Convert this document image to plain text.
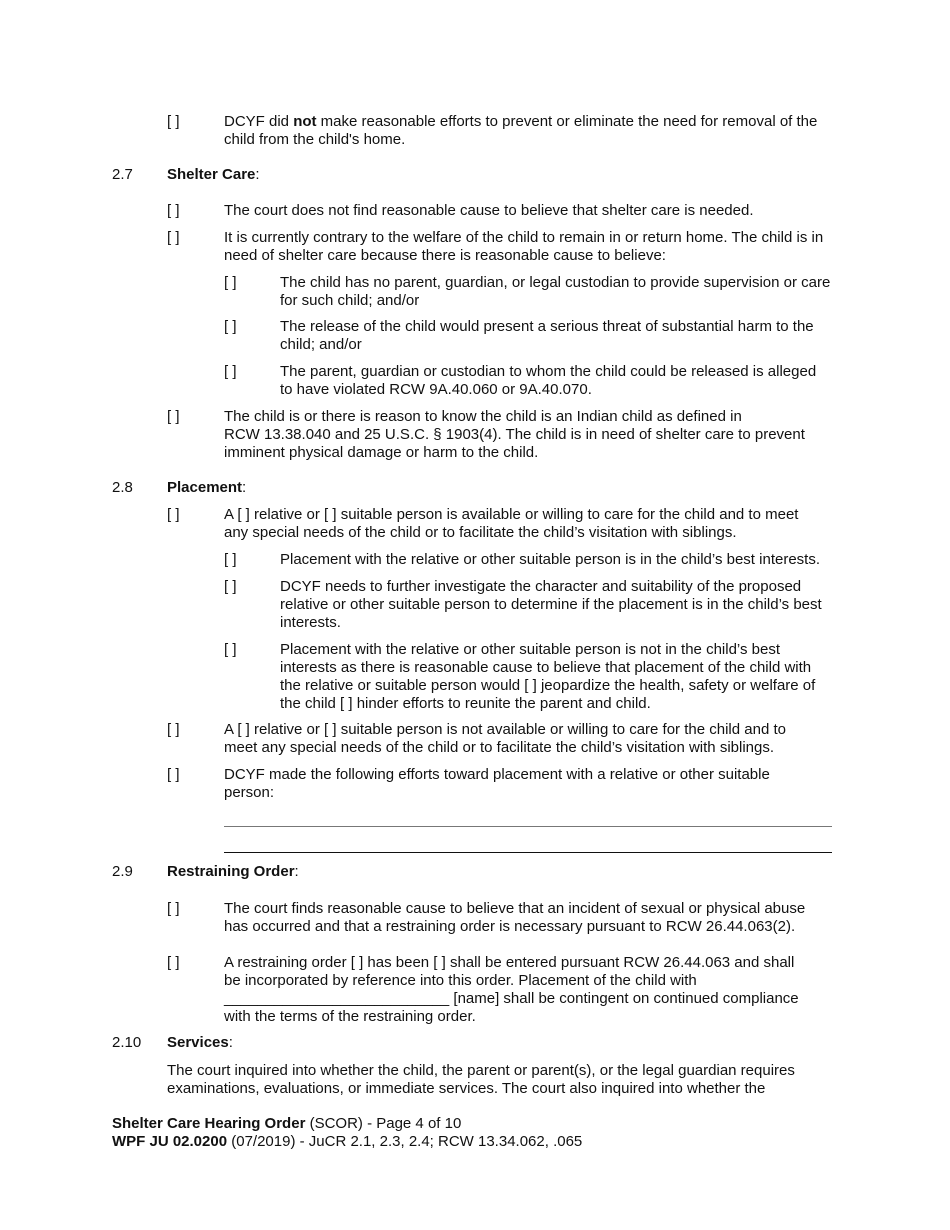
[ ]	DCYF did not make reasonable efforts to prevent or eliminate the need for removal of the
child from the child's home.
2.7 Shelter Care:
[ ]	The court does not find reasonable cause to believe that shelter care is needed.
[ ]	It is currently contrary to the welfare of the child to remain in or return home. The child is in
need of shelter care because there is reasonable cause to believe:
[ ]	The child has no parent, guardian, or legal custodian to provide supervision or care
for such child; and/or
[ ]	The release of the child would present a serious threat of substantial harm to the
child; and/or
[ ]	The parent, guardian or custodian to whom the child could be released is alleged
to have violated RCW 9A.40.060 or 9A.40.070.
[ ]	The child is or there is reason to know the child is an Indian child as defined in
RCW 13.38.040 and 25 U.S.C. § 1903(4). The child is in need of shelter care to prevent
imminent physical damage or harm to the child.
2.8 Placement:
[ ]	A [ ] relative or [ ] suitable person is available or willing to care for the child and to meet
any special needs of the child or to facilitate the child’s visitation with siblings.
[ ]	Placement with the relative or other suitable person is in the child’s best interests.
[ ]	DCYF needs to further investigate the character and suitability of the proposed
relative or other suitable person to determine if the placement is in the child’s best
interests.
[ ]	Placement with the relative or other suitable person is not in the child’s best
interests as there is reasonable cause to believe that placement of the child with
the relative or suitable person would [ ] jeopardize the health, safety or welfare of
the child [ ] hinder efforts to reunite the parent and child.
[ ]	A [ ] relative or [ ] suitable person is not available or willing to care for the child and to
meet any special needs of the child or to facilitate the child’s visitation with siblings.
[ ]	DCYF made the following efforts toward placement with a relative or other suitable
person:
2.9 Restraining Order:
[ ]	The court finds reasonable cause to believe that an incident of sexual or physical abuse
has occurred and that a restraining order is necessary pursuant to RCW 26.44.063(2).
[ ]	A restraining order [ ] has been [ ] shall be entered pursuant RCW 26.44.063 and shall
be incorporated by reference into this order. Placement of the child with
___________________________ [name] shall be contingent on continued compliance
with the terms of the restraining order.
2.10 Services:
The court inquired into whether the child, the parent or parent(s), or the legal guardian requires
examinations, evaluations, or immediate services. The court also inquired into whether the
Shelter Care Hearing Order (SCOR) - Page 4 of 10
WPF JU 02.0200 (07/2019) - JuCR 2.1, 2.3, 2.4; RCW 13.34.062, .065
